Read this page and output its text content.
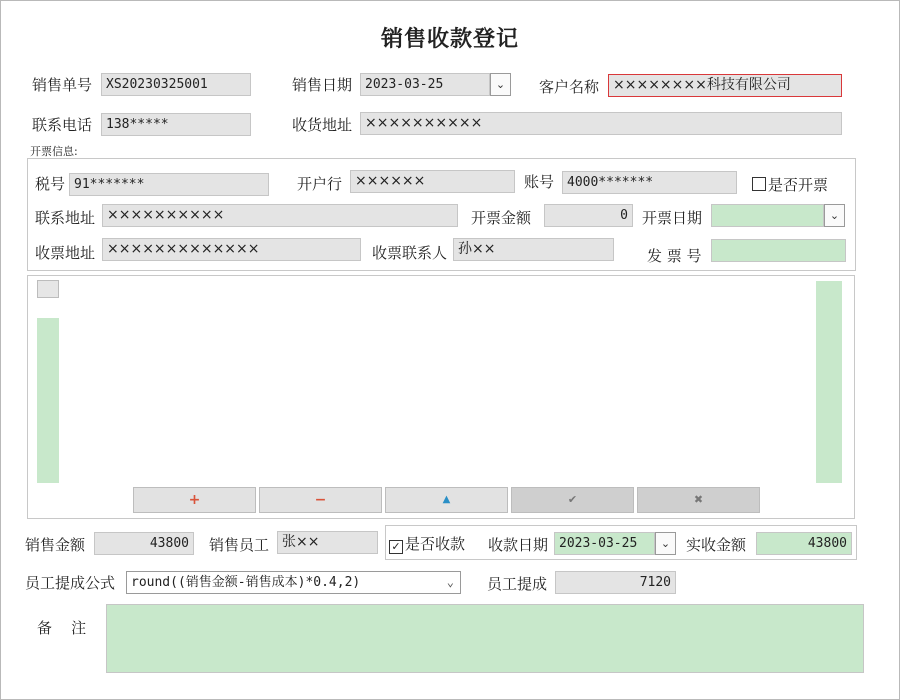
销售收款登记
销售单号	XS20230325001	销售日期 2023-03-25	⌄	客户名称 ××××××××科技有限公司
联系电话	138*****	收货地址 ××××××××××
开票信息:
税号 91*******	开户行 ××××××	账号 4000*******	是否开票
联系地址 ××××××××××	开票金额	0 开票日期	⌄
收票地址 ×××××××××××××	收票联系人 孙××	发 票 号
+	−	▲	✔	✖
销售金额	43800	销售员工 张××	✓ 是否收款 收款日期 2023-03-25	⌄	实收金额	43800
员工提成公式	round((销售金额-销售成本)*0.4,2)	⌄ 员工提成	7120
备    注
